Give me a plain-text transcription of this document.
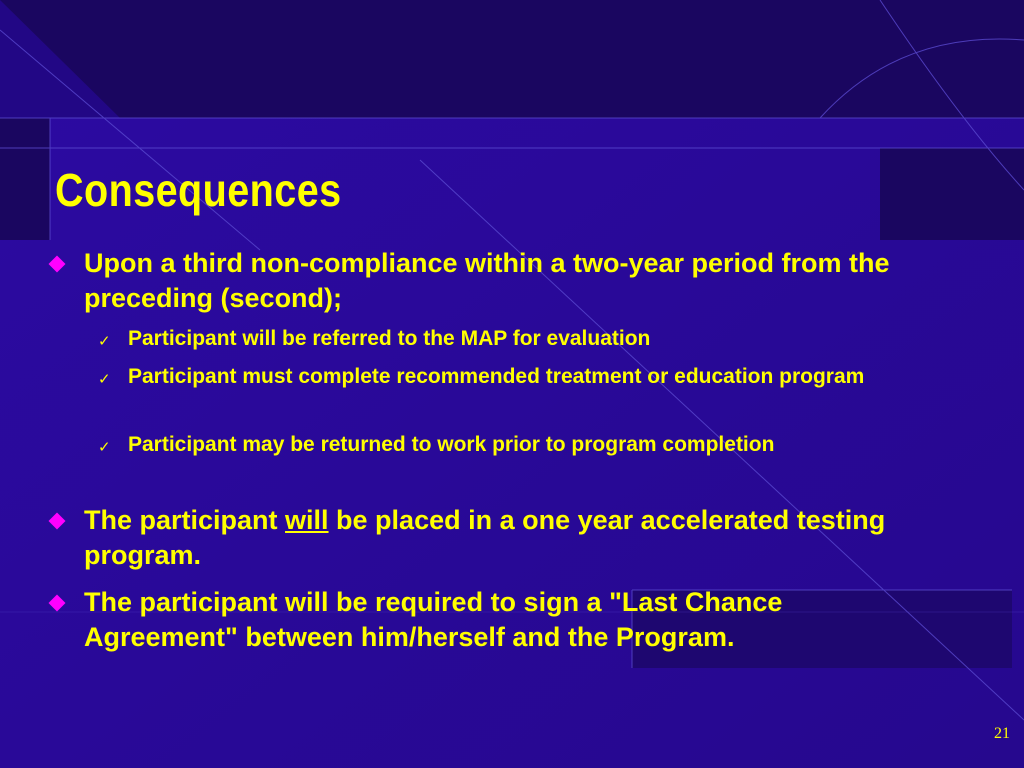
Consequences
Upon a third non-compliance within a two-year period from the preceding (second);
✓ Participant will be referred to the MAP for evaluation
✓ Participant must complete recommended treatment or education program
✓ Participant may be returned to work prior to program completion
The participant will be placed in a one year accelerated testing program.
The participant will be required to sign a "Last Chance Agreement" between him/herself and the Program.
21
